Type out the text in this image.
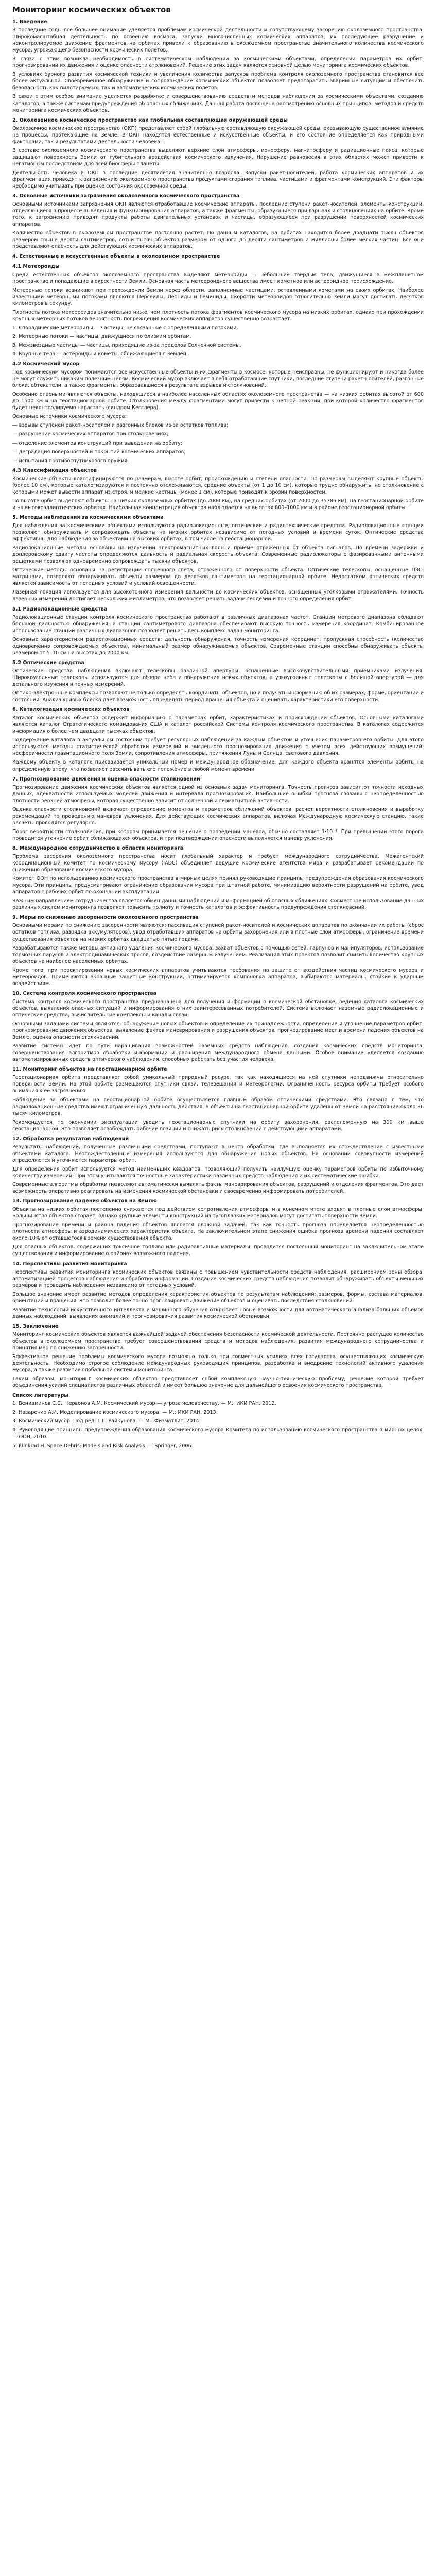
Мониторинг космических объектов
1. Введение
В последние годы все большее внимание уделяется проблемам космической деятельности и сопутствующему засорению околоземного пространства. Широкомасштабная деятельность по освоению космоса, запуски многочисленных космических аппаратов, их последующее разрушение и неконтролируемое движение фрагментов на орбитах привели к образованию в околоземном пространстве значительного количества космического мусора, угрожающего безопасности космических полетов.
В связи с этим возникла необходимость в систематическом наблюдении за космическими объектами, определении параметров их орбит, прогнозировании их движения и оценке опасности столкновений. Решение этих задач является основной целью мониторинга космических объектов.
В условиях бурного развития космической техники и увеличения количества запусков проблема контроля околоземного пространства становится все более актуальной. Своевременное обнаружение и сопровождение космических объектов позволяет предотвратить аварийные ситуации и обеспечить безопасность как пилотируемых, так и автоматических космических полетов.
В связи с этим особое внимание уделяется разработке и совершенствованию средств и методов наблюдения за космическими объектами, созданию каталогов, а также системам предупреждения об опасных сближениях. Данная работа посвящена рассмотрению основных принципов, методов и средств мониторинга космических объектов.
2. Околоземное космическое пространство как глобальная составляющая окружающей среды
Околоземное космическое пространство (ОКП) представляет собой глобальную составляющую окружающей среды, оказывающую существенное влияние на процессы, протекающие на Земле. В ОКП находятся естественные и искусственные объекты, и его состояние определяется как природными факторами, так и результатами деятельности человека.
В составе околоземного космического пространства выделяют верхние слои атмосферы, ионосферу, магнитосферу и радиационные пояса, которые защищают поверхность Земли от губительного воздействия космического излучения. Нарушение равновесия в этих областях может привести к негативным последствиям для всей биосферы планеты.
Деятельность человека в ОКП в последние десятилетия значительно возросла. Запуски ракет-носителей, работа космических аппаратов и их фрагментация приводят к загрязнению околоземного пространства продуктами сгорания топлива, частицами и фрагментами конструкций. Эти факторы необходимо учитывать при оценке состояния околоземной среды.
3. Основные источники загрязнения околоземного космического пространства
Основными источниками загрязнения ОКП являются отработавшие космические аппараты, последние ступени ракет-носителей, элементы конструкций, отделяющиеся в процессе выведения и функционирования аппаратов, а также фрагменты, образующиеся при взрывах и столкновениях на орбите. Кроме того, к загрязнению приводят продукты работы двигательных установок и частицы, образующиеся при разрушении поверхностей космических аппаратов.
Количество объектов в околоземном пространстве постоянно растет. По данным каталогов, на орбитах находится более двадцати тысяч объектов размером свыше десяти сантиметров, сотни тысяч объектов размером от одного до десяти сантиметров и миллионы более мелких частиц. Все они представляют опасность для действующих космических аппаратов.
4. Естественные и искусственные объекты в околоземном пространстве
4.1 Метеороиды
Среди естественных объектов околоземного пространства выделяют метеороиды — небольшие твердые тела, движущиеся в межпланетном пространстве и попадающие в окрестности Земли. Основная часть метеороидного вещества имеет кометное или астероидное происхождение.
Метеорные потоки возникают при прохождении Земли через области, заполненные частицами, оставленными кометами на своих орбитах. Наиболее известными метеорными потоками являются Персеиды, Леониды и Геминиды. Скорости метеороидов относительно Земли могут достигать десятков километров в секунду.
Плотность потока метеороидов значительно ниже, чем плотность потока фрагментов космического мусора на низких орбитах, однако при прохождении крупных метеорных потоков вероятность повреждения космических аппаратов существенно возрастает.
1. Спорадические метеороиды — частицы, не связанные с определенными потоками.
2. Метеорные потоки — частицы, движущиеся по близким орбитам.
3. Межзвездные частицы — частицы, приходящие из-за пределов Солнечной системы.
4. Крупные тела — астероиды и кометы, сближающиеся с Землей.
4.2 Космический мусор
Под космическим мусором понимаются все искусственные объекты и их фрагменты в космосе, которые неисправны, не функционируют и никогда более не могут служить никаким полезным целям. Космический мусор включает в себя отработавшие спутники, последние ступени ракет-носителей, разгонные блоки, обтекатели, а также фрагменты, образовавшиеся в результате взрывов и столкновений.
Особенно опасными являются объекты, находящиеся в наиболее населенных областях околоземного пространства — на низких орбитах высотой от 600 до 1500 км и на геостационарной орбите. Столкновения между фрагментами могут привести к цепной реакции, при которой количество фрагментов будет неконтролируемо нарастать (синдром Кесслера).
Основные источники космического мусора:
— взрывы ступеней ракет-носителей и разгонных блоков из-за остатков топлива;
— разрушение космических аппаратов при столкновениях;
— отделение элементов конструкций при выведении на орбиту;
— деградация поверхностей и покрытий космических аппаратов;
— испытания противоспутникового оружия.
4.3 Классификация объектов
Космические объекты классифицируются по размерам, высоте орбит, происхождению и степени опасности. По размерам выделяют крупные объекты (более 10 см), которые каталогизируются и постоянно отслеживаются, средние объекты (от 1 до 10 см), которые трудно обнаружить, но столкновение с которыми может вывести аппарат из строя, и мелкие частицы (менее 1 см), которые приводят к эрозии поверхностей.
По высоте орбит выделяют объекты на низких околоземных орбитах (до 2000 км), на средних орбитах (от 2000 до 35786 км), на геостационарной орбите и на высокоэллиптических орбитах. Наибольшая концентрация объектов наблюдается на высотах 800–1000 км и в районе геостационарной орбиты.
5. Методы наблюдения за космическими объектами
Для наблюдения за космическими объектами используются радиолокационные, оптические и радиотехнические средства. Радиолокационные станции позволяют обнаруживать и сопровождать объекты на низких орбитах независимо от погодных условий и времени суток. Оптические средства эффективны для наблюдения за объектами на высоких орбитах, в том числе на геостационарной.
Радиолокационные методы основаны на излучении электромагнитных волн и приеме отраженных от объекта сигналов. По времени задержки и доплеровскому сдвигу частоты определяются дальность и радиальная скорость объекта. Современные радиолокаторы с фазированными антенными решетками позволяют одновременно сопровождать тысячи объектов.
Оптические методы основаны на регистрации солнечного света, отраженного от поверхности объекта. Оптические телескопы, оснащенные ПЗС-матрицами, позволяют обнаруживать объекты размером до десятков сантиметров на геостационарной орбите. Недостатком оптических средств является зависимость от погодных условий и условий освещенности.
Лазерная локация используется для высокоточного измерения дальности до космических объектов, оснащенных уголковыми отражателями. Точность лазерных измерений достигает нескольких миллиметров, что позволяет решать задачи геодезии и точного определения орбит.
5.1 Радиолокационные средства
Радиолокационные станции контроля космического пространства работают в различных диапазонах частот. Станции метрового диапазона обладают большой дальностью обнаружения, а станции сантиметрового диапазона обеспечивают высокую точность измерения координат. Комбинированное использование станций различных диапазонов позволяет решать весь комплекс задач мониторинга.
Основные характеристики радиолокационных средств: дальность обнаружения, точность измерения координат, пропускная способность (количество одновременно сопровождаемых объектов), минимальный размер обнаруживаемых объектов. Современные станции способны обнаруживать объекты размером от 5–10 см на высотах до 2000 км.
5.2 Оптические средства
Оптические средства наблюдения включают телескопы различной апертуры, оснащенные высокочувствительными приемниками излучения. Широкоугольные телескопы используются для обзора неба и обнаружения новых объектов, а узкоугольные телескопы с большой апертурой — для детального изучения и точных измерений.
Оптико-электронные комплексы позволяют не только определять координаты объектов, но и получать информацию об их размерах, форме, ориентации и состоянии. Анализ кривых блеска дает возможность определять период вращения объекта и оценивать характеристики его поверхности.
6. Каталогизация космических объектов
Каталог космических объектов содержит информацию о параметрах орбит, характеристиках и происхождении объектов. Основными каталогами являются каталог Стратегического командования США и каталог российской Системы контроля космического пространства. В каталогах содержится информация о более чем двадцати тысячах объектов.
Поддержание каталога в актуальном состоянии требует регулярных наблюдений за каждым объектом и уточнения параметров его орбиты. Для этого используются методы статистической обработки измерений и численного прогнозирования движения с учетом всех действующих возмущений: несферичности гравитационного поля Земли, сопротивления атмосферы, притяжения Луны и Солнца, светового давления.
Каждому объекту в каталоге присваивается уникальный номер и международное обозначение. Для каждого объекта хранятся элементы орбиты на определенную эпоху, что позволяет рассчитывать его положение в любой момент времени.
7. Прогнозирование движения и оценка опасности столкновений
Прогнозирование движения космических объектов является одной из основных задач мониторинга. Точность прогноза зависит от точности исходных данных, адекватности используемых моделей движения и интервала прогнозирования. Наибольшие ошибки прогноза связаны с неопределенностью плотности верхней атмосферы, которая существенно зависит от солнечной и геомагнитной активности.
Оценка опасности столкновений включает определение моментов и параметров сближений объектов, расчет вероятности столкновения и выработку рекомендаций по проведению маневров уклонения. Для действующих космических аппаратов, включая Международную космическую станцию, такие расчеты проводятся регулярно.
Порог вероятности столкновения, при котором принимается решение о проведении маневра, обычно составляет 1·10⁻⁴. При превышении этого порога проводится уточнение орбит сближающихся объектов, и при подтверждении опасности выполняется маневр уклонения.
8. Международное сотрудничество в области мониторинга
Проблема засорения околоземного пространства носит глобальный характер и требует международного сотрудничества. Межагентский координационный комитет по космическому мусору (IADC) объединяет ведущие космические агентства мира и разрабатывает рекомендации по снижению образования космического мусора.
Комитет ООН по использованию космического пространства в мирных целях принял руководящие принципы предупреждения образования космического мусора. Эти принципы предусматривают ограничение образования мусора при штатной работе, минимизацию вероятности разрушений на орбите, увод аппаратов с рабочих орбит по окончании эксплуатации.
Важным направлением сотрудничества является обмен данными наблюдений и информацией об опасных сближениях. Совместное использование данных различных систем мониторинга позволяет повысить полноту и точность каталогов и эффективность предупреждения столкновений.
9. Меры по снижению засоренности околоземного пространства
Основными мерами по снижению засоренности являются: пассивация ступеней ракет-носителей и космических аппаратов по окончании их работы (сброс остатков топлива, разрядка аккумуляторов), увод отработавших аппаратов на орбиты захоронения или в плотные слои атмосферы, ограничение времени существования объектов на низких орбитах двадцатью пятью годами.
Разрабатываются также методы активного удаления космического мусора: захват объектов с помощью сетей, гарпунов и манипуляторов, использование тормозных парусов и электродинамических тросов, воздействие лазерным излучением. Реализация этих проектов позволит снизить количество крупных объектов на наиболее населенных орбитах.
Кроме того, при проектировании новых космических аппаратов учитываются требования по защите от воздействия частиц космического мусора и метеороидов. Применяются экранные защитные конструкции, оптимизируется компоновка аппаратов, выбираются материалы, стойкие к ударным воздействиям.
10. Система контроля космического пространства
Система контроля космического пространства предназначена для получения информации о космической обстановке, ведения каталога космических объектов, выявления опасных ситуаций и информирования о них заинтересованных потребителей. Система включает наземные радиолокационные и оптические средства, вычислительные комплексы и каналы связи.
Основными задачами системы являются: обнаружение новых объектов и определение их принадлежности, определение и уточнение параметров орбит, прогнозирование движения объектов, выявление фактов маневрирования и разрушения объектов, прогнозирование мест и времени падения объектов на Землю, оценка опасности столкновений.
Развитие системы идет по пути наращивания возможностей наземных средств наблюдения, создания космических средств мониторинга, совершенствования алгоритмов обработки информации и расширения международного обмена данными. Особое внимание уделяется созданию автоматизированных средств оптического наблюдения, способных работать без участия человека.
11. Мониторинг объектов на геостационарной орбите
Геостационарная орбита представляет собой уникальный природный ресурс, так как находящиеся на ней спутники неподвижны относительно поверхности Земли. На этой орбите размещаются спутники связи, телевещания и метеорологии. Ограниченность ресурса орбиты требует особого внимания к её загрязнению.
Наблюдение за объектами на геостационарной орбите осуществляется главным образом оптическими средствами. Это связано с тем, что радиолокационные средства имеют ограниченную дальность действия, а объекты на геостационарной орбите удалены от Земли на расстояние около 36 тысяч километров.
Рекомендуется по окончании эксплуатации уводить геостационарные спутники на орбиту захоронения, расположенную на 300 км выше геостационарной. Это позволяет освобождать рабочие позиции и снижать риск столкновений с действующими аппаратами.
12. Обработка результатов наблюдений
Результаты наблюдений, полученные различными средствами, поступают в центр обработки, где выполняется их отождествление с известными объектами каталога. Неотождествленные измерения используются для обнаружения новых объектов. На основании совокупности измерений определяются и уточняются параметры орбит.
Для определения орбит используется метод наименьших квадратов, позволяющий получить наилучшую оценку параметров орбиты по избыточному количеству измерений. При этом учитываются точностные характеристики различных средств наблюдения и их систематические ошибки.
Современные алгоритмы обработки позволяют автоматически выявлять факты маневрирования объектов, разрушений и отделения фрагментов. Это дает возможность оперативно реагировать на изменения космической обстановки и своевременно информировать потребителей.
13. Прогнозирование падения объектов на Землю
Объекты на низких орбитах постепенно снижаются под действием сопротивления атмосферы и в конечном итоге входят в плотные слои атмосферы. Большинство объектов сгорает, однако крупные элементы конструкций из тугоплавких материалов могут достигать поверхности Земли.
Прогнозирование времени и района падения объектов является сложной задачей, так как точность прогноза определяется неопределенностью плотности атмосферы и аэродинамических характеристик объекта. На заключительном этапе снижения ошибка прогноза времени падения составляет около 10% от оставшегося времени существования объекта.
Для опасных объектов, содержащих токсичное топливо или радиоактивные материалы, проводится постоянный мониторинг на заключительном этапе существования и информирование о районах возможного падения.
14. Перспективы развития мониторинга
Перспективы развития мониторинга космических объектов связаны с повышением чувствительности средств наблюдения, расширением зоны обзора, автоматизацией процессов наблюдения и обработки информации. Создание космических средств наблюдения позволит обнаруживать объекты меньших размеров и проводить наблюдения независимо от погодных условий.
Большое значение имеет развитие методов определения характеристик объектов по результатам наблюдений: размеров, формы, состава материалов, ориентации и вращения. Это позволит более точно прогнозировать движение объектов и оценивать последствия столкновений.
Развитие технологий искусственного интеллекта и машинного обучения открывает новые возможности для автоматического анализа больших объемов данных наблюдений, выявления аномалий и прогнозирования развития космической обстановки.
15. Заключение
Мониторинг космических объектов является важнейшей задачей обеспечения безопасности космической деятельности. Постоянно растущее количество объектов в околоземном пространстве требует совершенствования средств и методов наблюдения, развития международного сотрудничества и принятия мер по снижению засоренности.
Эффективное решение проблемы космического мусора возможно только при совместных усилиях всех государств, осуществляющих космическую деятельность. Необходимо строгое соблюдение международных руководящих принципов, разработка и внедрение технологий активного удаления мусора, а также развитие глобальной системы мониторинга.
Таким образом, мониторинг космических объектов представляет собой комплексную научно-техническую проблему, решение которой требует объединения усилий специалистов различных областей и имеет большое значение для дальнейшего освоения космического пространства.
Список литературы
1. Вениаминов С.С., Червонов А.М. Космический мусор — угроза человечеству. — М.: ИКИ РАН, 2012.
2. Назаренко А.И. Моделирование космического мусора. — М.: ИКИ РАН, 2013.
3. Космический мусор. Под ред. Г.Г. Райкунова. — М.: Физматлит, 2014.
4. Руководящие принципы предупреждения образования космического мусора Комитета по использованию космического пространства в мирных целях. — ООН, 2010.
5. Klinkrad H. Space Debris: Models and Risk Analysis. — Springer, 2006.
